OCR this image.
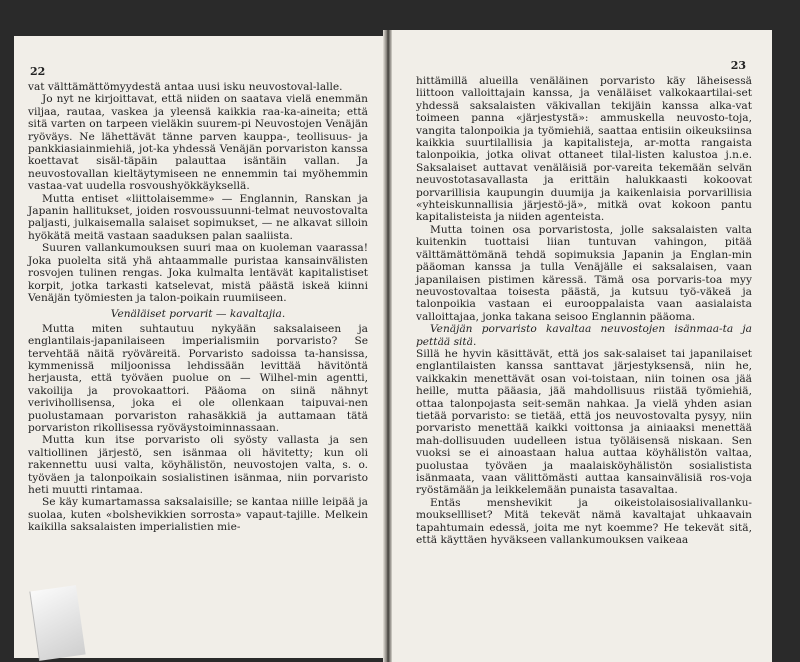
22

vat välttämättömyydestä antaa uusi isku neuvostoval-lalle.

Jo nyt ne kirjoittavat, että niiden on saatava vielä enemmän viljaa, rautaa, vaskea ja yleensä kaikkia raa-ka-aineita; että sitä varten on tarpeen vieläkin suurem-pi Neuvostojen Venäjän ryöväys. Ne lähettävät tänne parven kauppa-, teollisuus- ja pankkiasiainmiehiä, jot-ka yhdessä Venäjän porvariston kanssa koettavat sisäl-täpäin palauttaa isäntäin vallan. Ja neuvostovallan kieltäytymiseen ne ennemmin tai myöhemmin vastaa-vat uudella rosvoushyökkäyksellä.

Mutta entiset «liittolaisemme» — Englannin, Ranskan ja Japanin hallitukset, joiden rosvoussuunni-telmat neuvostovalta paljasti, julkaisemalla salaiset sopimukset, — ne alkavat silloin hyökätä meitä vastaan saaduksen palan saaliista.

Suuren vallankumouksen suuri maa on kuoleman vaarassa! Joka puolelta sitä yhä ahtaammalle puristaa kansainvälisten rosvojen tulinen rengas. Joka kulmalta lentävät kapitalistiset korpit, jotka tarkasti katselevat, mistä päästä iskeä kiinni Venäjän työmiesten ja talon-poikain ruumiiseen.

Venäläiset porvarit — kavaltajia.

Mutta miten suhtautuu nykyään saksalaiseen ja englantilais-japanilaiseen imperialismiin porvaristo? Se tervehtää näitä ryöväreitä. Porvaristo sadoissa ta-hansissa, kymmenissä miljoonissa lehdissään levittää hävitöntä herjausta, että työväen puolue on — Wilhel-min agentti, vakoilija ja provokaattori. Pääoma on siinä nähnyt verivihollisensa, joka ei ole ollenkaan taipuvai-nen puolustamaan porvariston rahasäkkiä ja auttamaan tätä porvariston rikollisessa ryöväystoiminnassaan.

Mutta kun itse porvaristo oli syösty vallasta ja sen valtiollinen järjestö, sen isänmaa oli hävitetty; kun oli rakennettu uusi valta, köyhälistön, neuvostojen valta, s. o. työväen ja talonpoikain sosialistinen isänmaa, niin porvaristo heti muutti rintamaa.

Se käy kumartamassa saksalaisille; se kantaa niille leipää ja suolaa, kuten «bolshevikkien sorrosta» vapaut-tajille. Melkein kaikilla saksalaisten imperialistien mie-

23

hittämillä alueilla venäläinen porvaristo käy läheisessä liittoon valloittajain kanssa, ja venäläiset valkokaartilai-set yhdessä saksalaisten väkivallan tekijäin kanssa alka-vat toimeen panna «järjestystä»: ammuskella neuvosto-toja, vangita talonpoikia ja työmiehiä, saattaa entisiin oikeuksiinsa kaikkia suurtilallisia ja kapitalisteja, ar-motta rangaista talonpoikia, jotka olivat ottaneet tilal-listen kalustoa j.n.e. Saksalaiset auttavat venäläisiä por-vareita tekemään selvän neuvostotasavallasta ja erittäin halukkaasti kokoovat porvarillisia kaupungin duumija ja kaikenlaisia porvarillisia «yhteiskunnallisia järjestö-jä», mitkä ovat kokoon pantu kapitalisteista ja niiden agenteista.

Mutta toinen osa porvaristosta, jolle saksalaisten valta kuitenkin tuottaisi liian tuntuvan vahingon, pitää välttämättömänä tehdä sopimuksia Japanin ja Englan-min pääoman kanssa ja tulla Venäjälle ei saksalaisen, vaan japanilaisen pistimen käressä. Tämä osa porvaris-toa myy neuvostovaltaa toisesta päästä, ja kutsuu työ-väkeä ja talonpoikia vastaan ei eurooppalaista vaan aasialaista valloittajaa, jonka takana seisoo Englannin pääoma.

Venäjän porvaristo kavaltaa neuvostojen isänmaa-ta ja pettää sitä.

Sillä he hyvin käsittävät, että jos sak-salaiset tai japanilaiset englantilaisten kanssa santtavat järjestyksensä, niin he, vaikkakin menettävät osan voi-toistaan, niin toinen osa jää heille, mutta pääasia, jää mahdollisuus riistää työmiehiä, ottaa talonpojasta seit-semän nahkaa. Ja vielä yhden asian tietää porvaristo: se tietää, että jos neuvostovalta pysyy, niin porvaristo menettää kaikki voittonsa ja ainiaaksi menettää mah-dollisuuden uudelleen istua työläisensä niskaan. Sen vuoksi se ei ainoastaan halua auttaa köyhälistön valtaa, puolustaa työväen ja maalaisköyhälistön sosialistista isänmaata, vaan välittömästi auttaa kansainvälisiä ros-voja ryöstämään ja leikkelemään punaista tasavaltaa.

Entäs menshevikit ja oikeistolaisosialivallanku-mouksellliset? Mitä tekevät nämä kavaltajat uhkaavain tapahtumain edessä, joita me nyt koemme? He tekevät sitä, että käyttäen hyväkseen vallankumouksen vaikeaa
